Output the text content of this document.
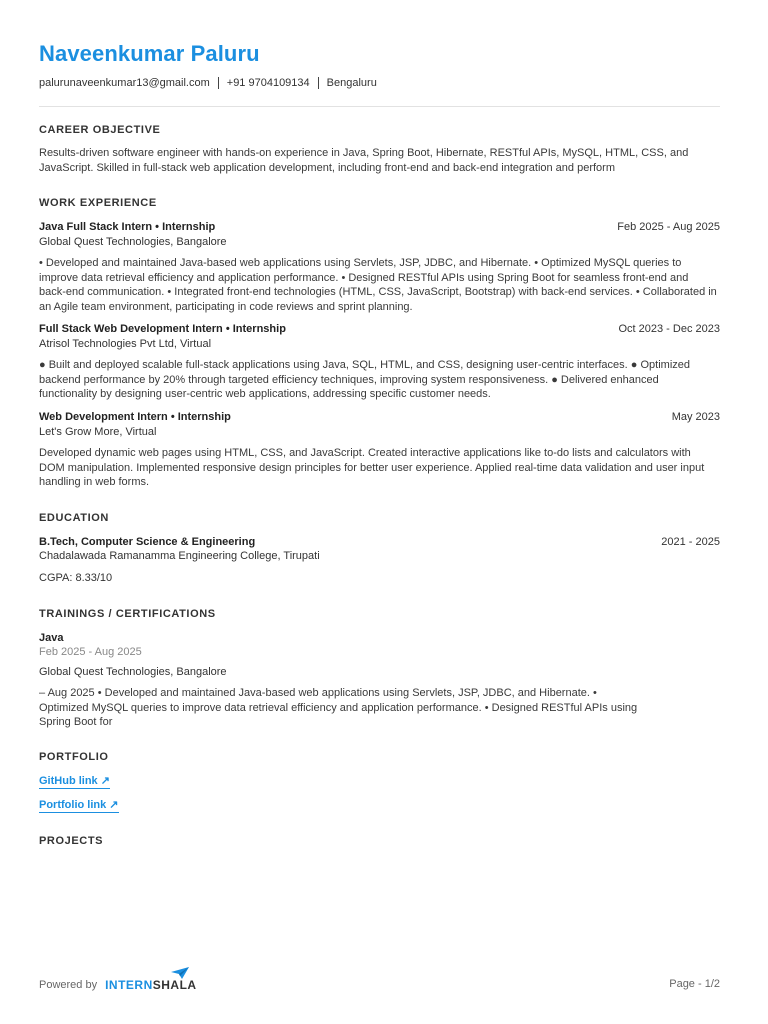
Naveenkumar Paluru
palurunaveenkumar13@gmail.com +91 9704109134 Bengaluru
CAREER OBJECTIVE
Results-driven software engineer with hands-on experience in Java, Spring Boot, Hibernate, RESTful APIs, MySQL, HTML, CSS, and JavaScript. Skilled in full-stack web application development, including front-end and back-end integration and perform
WORK EXPERIENCE
Java Full Stack Intern • Internship	Feb 2025 - Aug 2025
Global Quest Technologies, Bangalore
• Developed and maintained Java-based web applications using Servlets, JSP, JDBC, and Hibernate. • Optimized MySQL queries to improve data retrieval efficiency and application performance. • Designed RESTful APIs using Spring Boot for seamless front-end and back-end communication. • Integrated front-end technologies (HTML, CSS, JavaScript, Bootstrap) with back-end services. • Collaborated in an Agile team environment, participating in code reviews and sprint planning.
Full Stack Web Development Intern • Internship	Oct 2023 - Dec 2023
Atrisol Technologies Pvt Ltd, Virtual
● Built and deployed scalable full-stack applications using Java, SQL, HTML, and CSS, designing user-centric interfaces. ● Optimized backend performance by 20% through targeted efficiency techniques, improving system responsiveness. ● Delivered enhanced functionality by designing user-centric web applications, addressing specific customer needs.
Web Development Intern • Internship	May 2023
Let's Grow More, Virtual
Developed dynamic web pages using HTML, CSS, and JavaScript. Created interactive applications like to-do lists and calculators with DOM manipulation. Implemented responsive design principles for better user experience. Applied real-time data validation and user input handling in web forms.
EDUCATION
B.Tech, Computer Science & Engineering	2021 - 2025
Chadalawada Ramanamma Engineering College, Tirupati
CGPA: 8.33/10
TRAININGS / CERTIFICATIONS
Java
Feb 2025 - Aug 2025
Global Quest Technologies, Bangalore
– Aug 2025 • Developed and maintained Java-based web applications using Servlets, JSP, JDBC, and Hibernate. • Optimized MySQL queries to improve data retrieval efficiency and application performance. • Designed RESTful APIs using Spring Boot for
PORTFOLIO
GitHub link ↗
Portfolio link ↗
PROJECTS
Powered by INTERNSHALA	Page - 1/2
